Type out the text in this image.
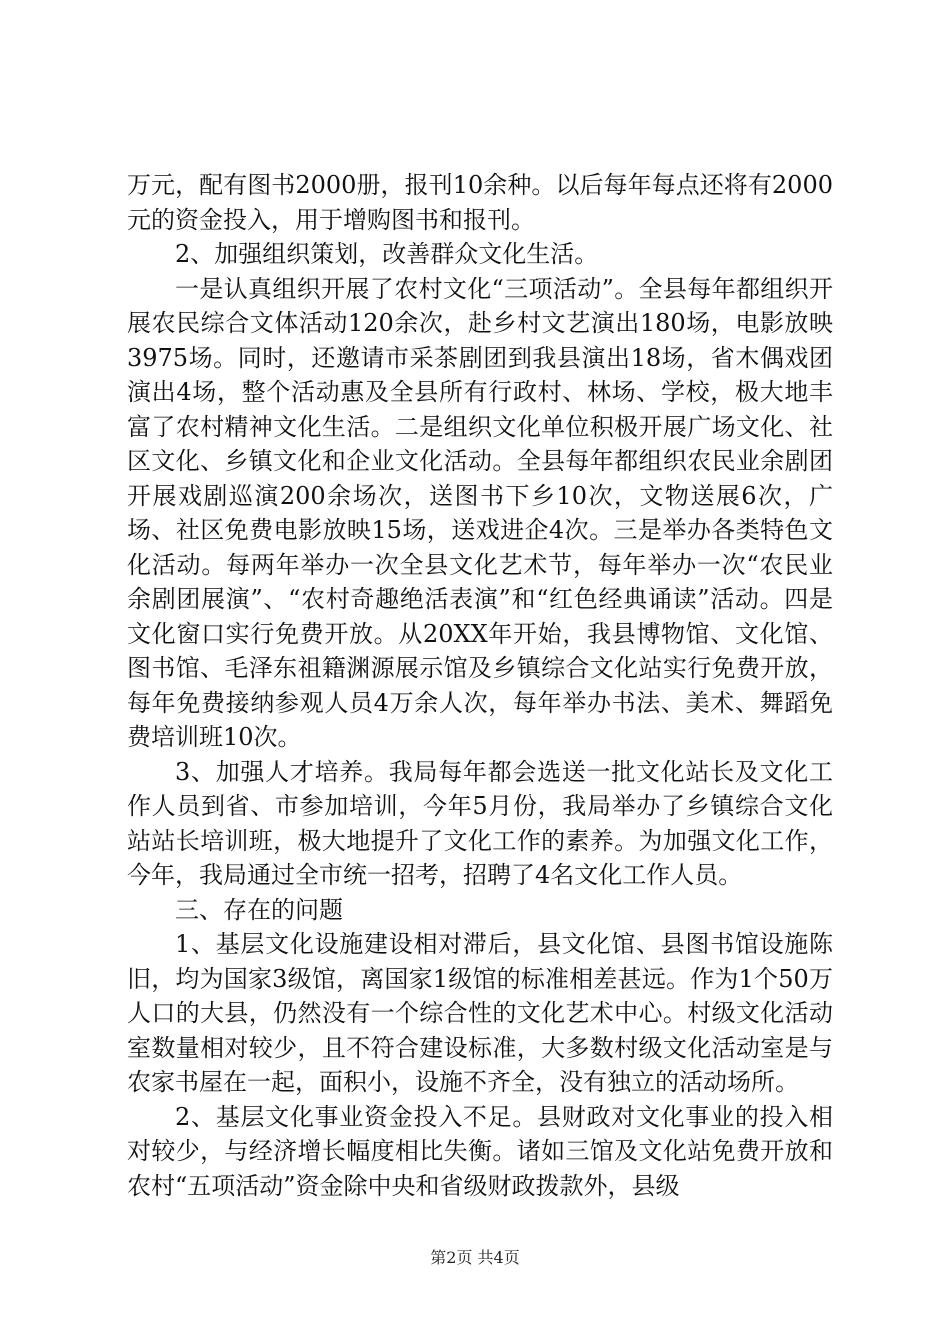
万元，配有图书2000册，报刊10余种。以后每年每点还将有2000元的资金投入，用于增购图书和报刊。

2、加强组织策划，改善群众文化生活。

一是认真组织开展了农村文化“三项活动”。全县每年都组织开展农民综合文体活动120余次，赴乡村文艺演出180场，电影放映3975场。同时，还邀请市采茶剧团到我县演出18场，省木偶戏团演出4场，整个活动惠及全县所有行政村、林场、学校，极大地丰富了农村精神文化生活。二是组织文化单位积极开展广场文化、社区文化、乡镇文化和企业文化活动。全县每年都组织农民业余剧团开展戏剧巡演200余场次，送图书下乡10次，文物送展6次，广场、社区免费电影放映15场，送戏进企4次。三是举办各类特色文化活动。每两年举办一次全县文化艺术节，每年举办一次“农民业余剧团展演”、“农村奇趣绝活表演”和“红色经典诵读”活动。四是文化窗口实行免费开放。从20XX年开始，我县博物馆、文化馆、图书馆、毛泽东祖籍渊源展示馆及乡镇综合文化站实行免费开放，每年免费接纳参观人员4万余人次，每年举办书法、美术、舞蹈免费培训班10次。

3、加强人才培养。我局每年都会选送一批文化站长及文化工作人员到省、市参加培训，今年5月份，我局举办了乡镇综合文化站站长培训班，极大地提升了文化工作的素养。为加强文化工作，今年，我局通过全市统一招考，招聘了4名文化工作人员。

三、存在的问题

1、基层文化设施建设相对滞后，县文化馆、县图书馆设施陈旧，均为国家3级馆，离国家1级馆的标准相差甚远。作为1个50万人口的大县，仍然没有一个综合性的文化艺术中心。村级文化活动室数量相对较少，且不符合建设标准，大多数村级文化活动室是与农家书屋在一起，面积小，设施不齐全，没有独立的活动场所。

2、基层文化事业资金投入不足。县财政对文化事业的投入相对较少，与经济增长幅度相比失衡。诸如三馆及文化站免费开放和农村“五项活动”资金除中央和省级财政拨款外，县级

第2页 共4页
